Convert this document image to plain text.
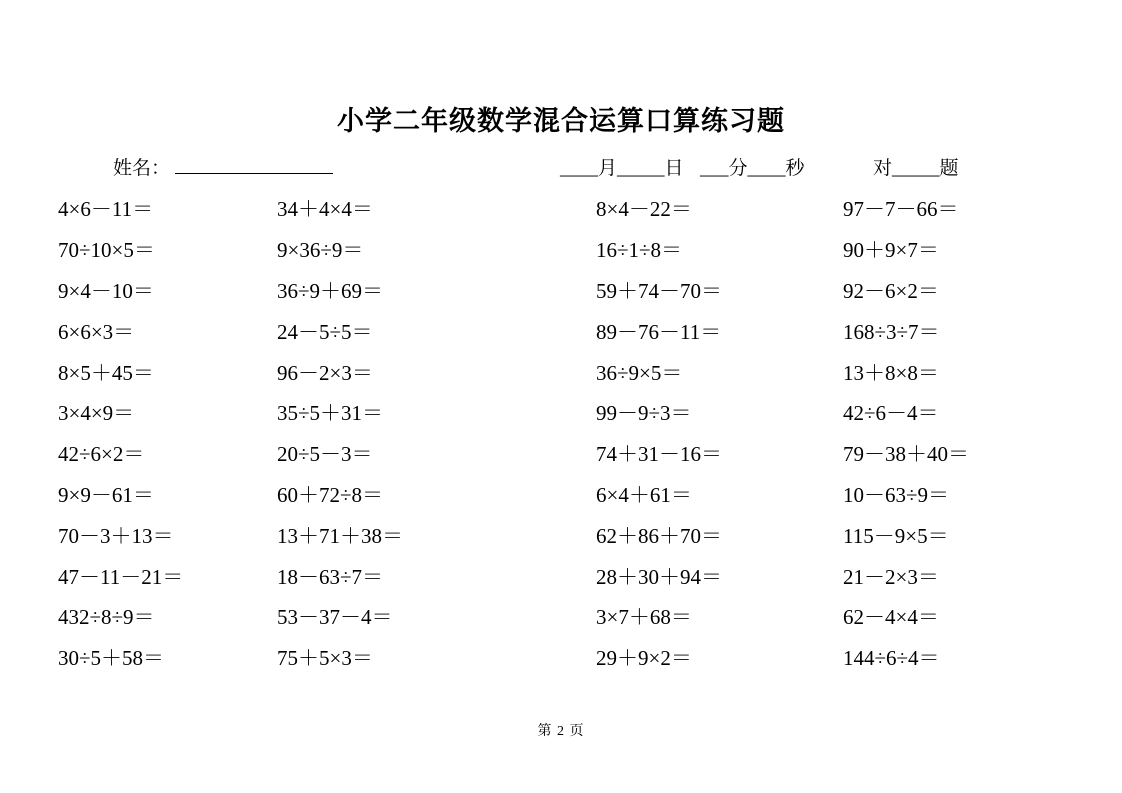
小学二年级数学混合运算口算练习题
姓名：	____月_____日 ___分____秒	对_____题
4×6－11＝
70÷10×5＝
9×4－10＝
6×6×3＝
8×5＋45＝
3×4×9＝
42÷6×2＝
9×9－61＝
70－3＋13＝
47－11－21＝
432÷8÷9＝
30÷5＋58＝
34＋4×4＝
9×36÷9＝
36÷9＋69＝
24－5÷5＝
96－2×3＝
35÷5＋31＝
20÷5－3＝
60＋72÷8＝
13＋71＋38＝
18－63÷7＝
53－37－4＝
75＋5×3＝
8×4－22＝
16÷1÷8＝
59＋74－70＝
89－76－11＝
36÷9×5＝
99－9÷3＝
74＋31－16＝
6×4＋61＝
62＋86＋70＝
28＋30＋94＝
3×7＋68＝
29＋9×2＝
97－7－66＝
90＋9×7＝
92－6×2＝
168÷3÷7＝
13＋8×8＝
42÷6－4＝
79－38＋40＝
10－63÷9＝
115－9×5＝
21－2×3＝
62－4×4＝
144÷6÷4＝
第 2 页
